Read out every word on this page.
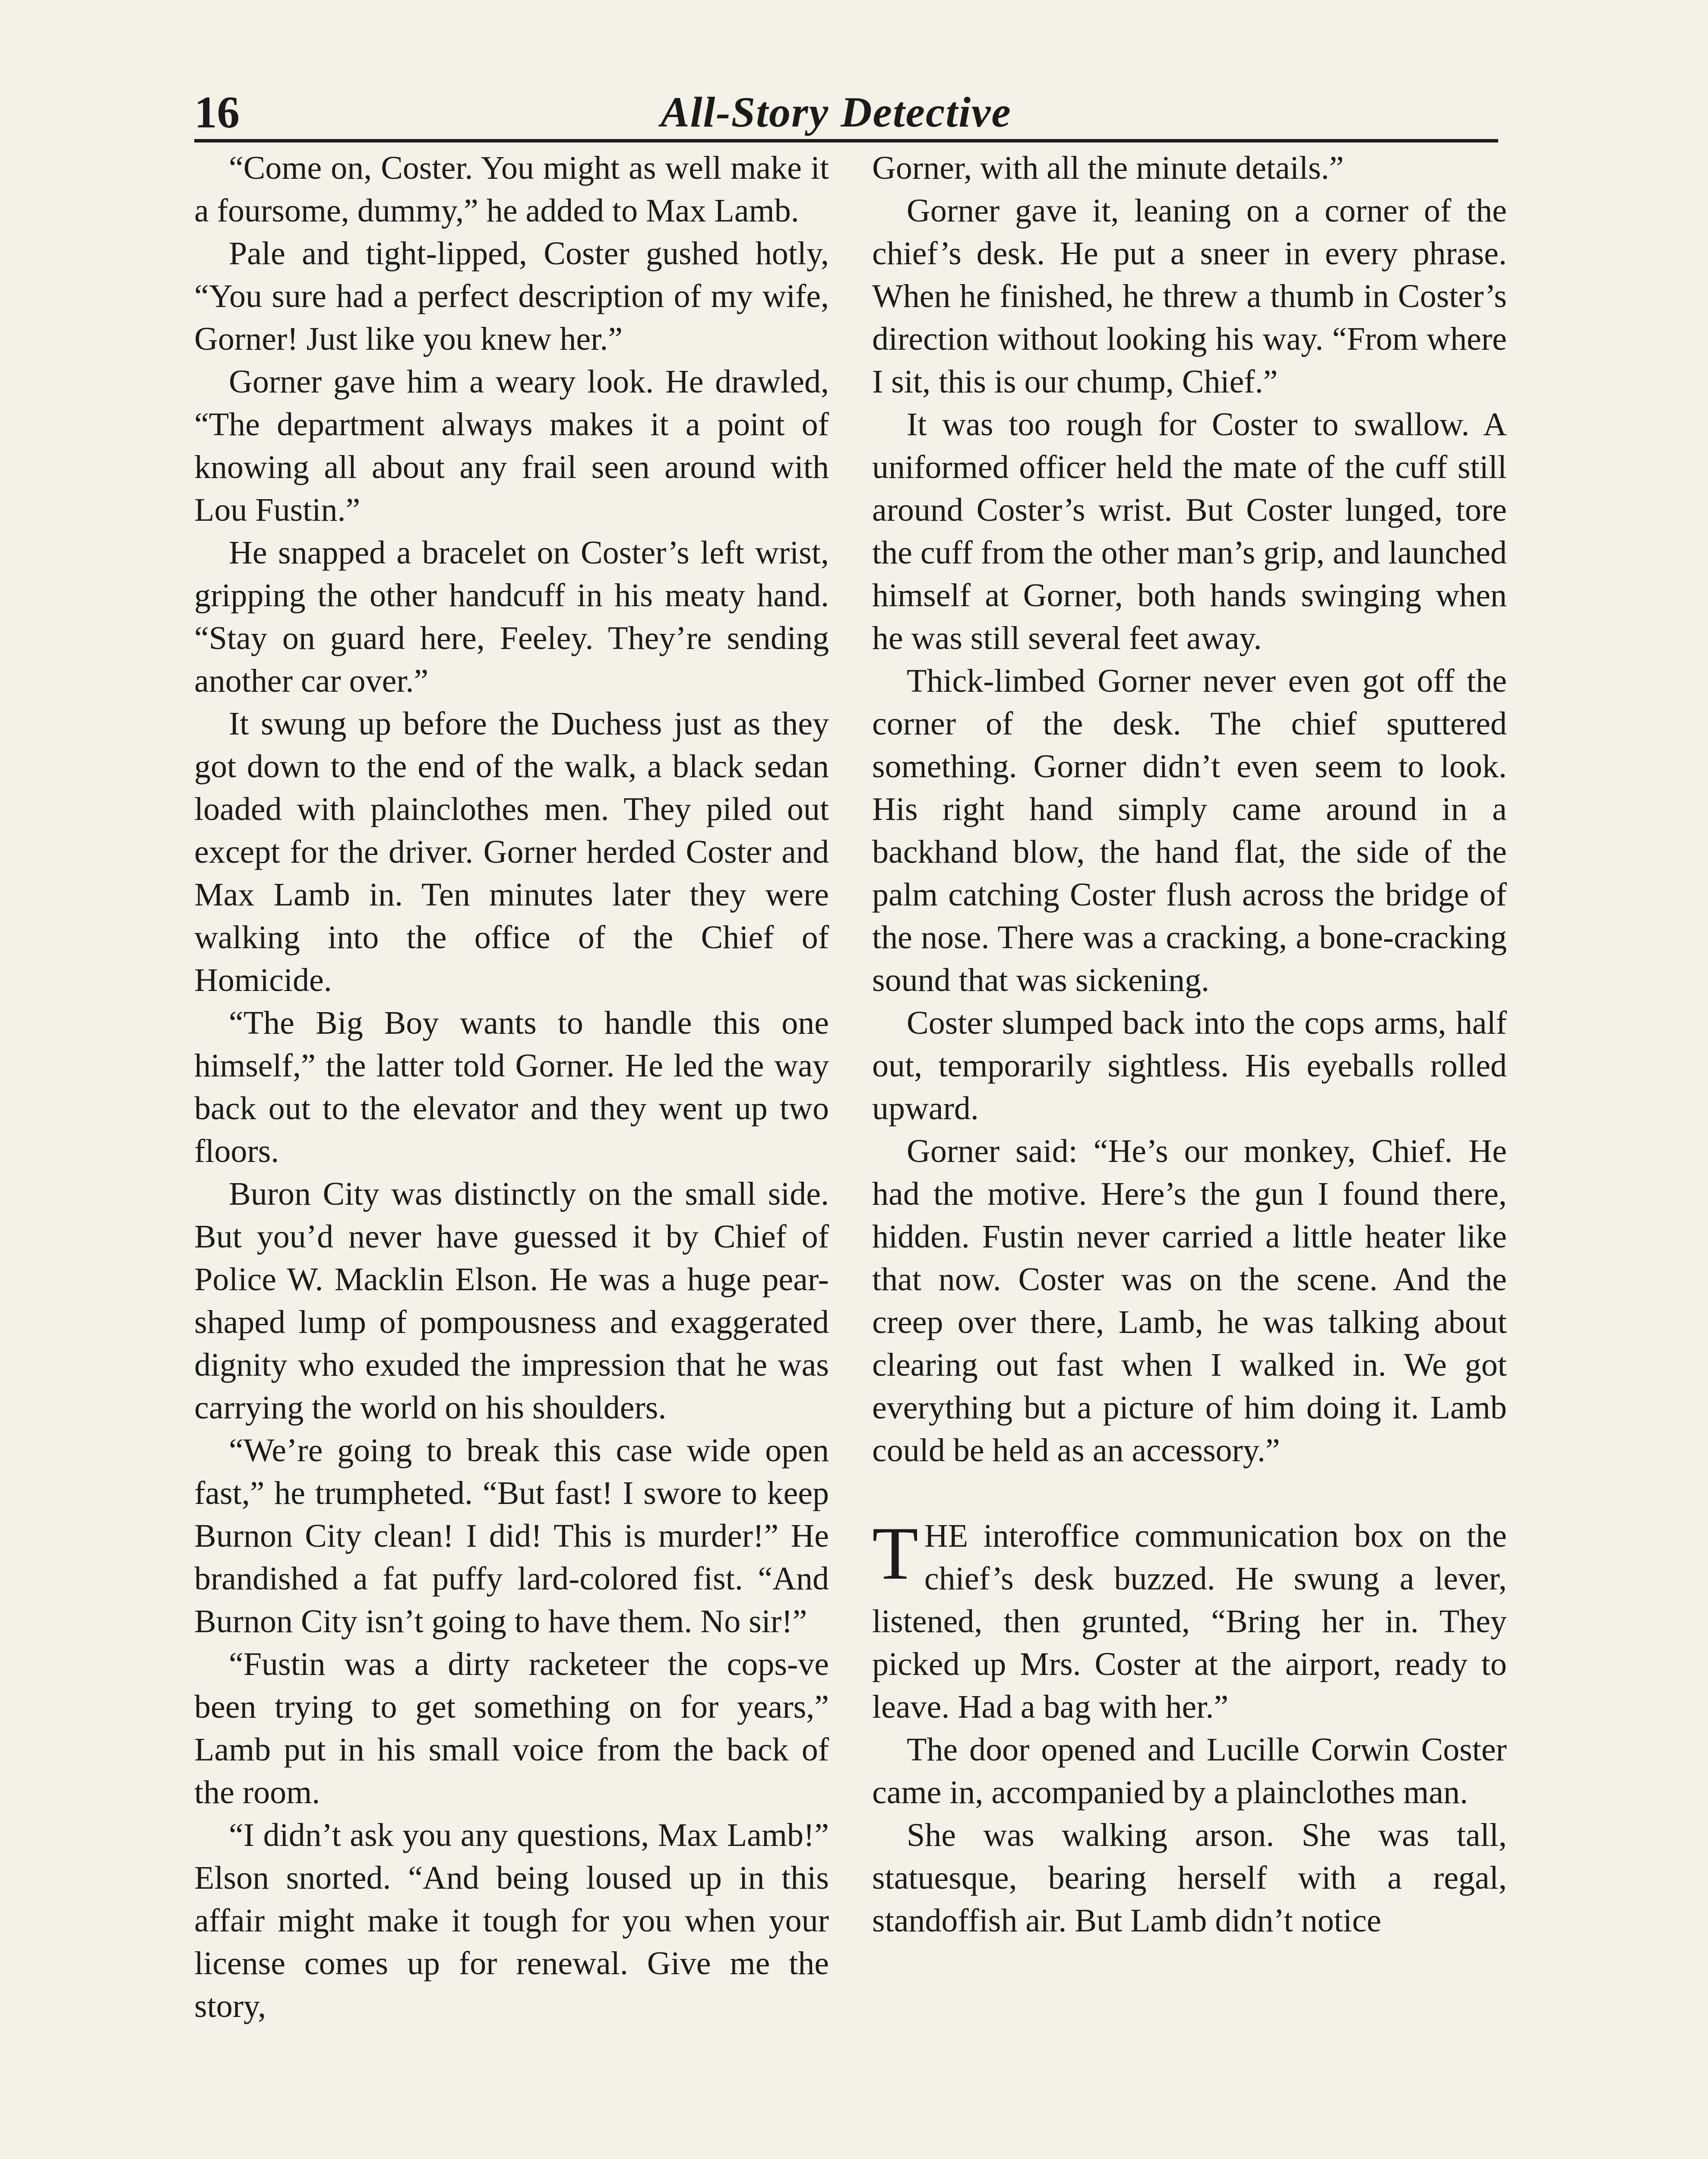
16	All-Story Detective

“Come on, Coster. You might as well make it a foursome, dummy,” he added to Max Lamb.

Pale and tight-lipped, Coster gushed hotly, “You sure had a perfect description of my wife, Gorner! Just like you knew her.”

Gorner gave him a weary look. He drawled, “The department always makes it a point of knowing all about any frail seen around with Lou Fustin.”

He snapped a bracelet on Coster’s left wrist, gripping the other handcuff in his meaty hand. “Stay on guard here, Feeley. They’re sending another car over.”

It swung up before the Duchess just as they got down to the end of the walk, a black sedan loaded with plainclothes men. They piled out except for the driver. Gorner herded Coster and Max Lamb in. Ten minutes later they were walking into the office of the Chief of Homicide.

“The Big Boy wants to handle this one himself,” the latter told Gorner. He led the way back out to the elevator and they went up two floors.

Buron City was distinctly on the small side. But you’d never have guessed it by Chief of Police W. Macklin Elson. He was a huge pear-shaped lump of pompousness and exaggerated dignity who exuded the impression that he was carrying the world on his shoulders.

“We’re going to break this case wide open fast,” he trumpheted. “But fast! I swore to keep Burnon City clean! I did! This is murder!” He brandished a fat puffy lard-colored fist. “And Burnon City isn’t going to have them. No sir!”

“Fustin was a dirty racketeer the cops-ve been trying to get something on for years,” Lamb put in his small voice from the back of the room.

“I didn’t ask you any questions, Max Lamb!” Elson snorted. “And being loused up in this affair might make it tough for you when your license comes up for renewal. Give me the story,

Gorner, with all the minute details.”

Gorner gave it, leaning on a corner of the chief’s desk. He put a sneer in every phrase. When he finished, he threw a thumb in Coster’s direction without looking his way. “From where I sit, this is our chump, Chief.”

It was too rough for Coster to swallow. A uniformed officer held the mate of the cuff still around Coster’s wrist. But Coster lunged, tore the cuff from the other man’s grip, and launched himself at Gorner, both hands swinging when he was still several feet away.

Thick-limbed Gorner never even got off the corner of the desk. The chief sputtered something. Gorner didn’t even seem to look. His right hand simply came around in a backhand blow, the hand flat, the side of the palm catching Coster flush across the bridge of the nose. There was a cracking, a bone-cracking sound that was sickening.

Coster slumped back into the cops arms, half out, temporarily sightless. His eyeballs rolled upward.

Gorner said: “He’s our monkey, Chief. He had the motive. Here’s the gun I found there, hidden. Fustin never carried a little heater like that now. Coster was on the scene. And the creep over there, Lamb, he was talking about clearing out fast when I walked in. We got everything but a picture of him doing it. Lamb could be held as an accessory.”

THE interoffice communication box on the chief’s desk buzzed. He swung a lever, listened, then grunted, “Bring her in. They picked up Mrs. Coster at the airport, ready to leave. Had a bag with her.”

The door opened and Lucille Corwin Coster came in, accompanied by a plainclothes man.

She was walking arson. She was tall, statuesque, bearing herself with a regal, standoffish air. But Lamb didn’t notice
